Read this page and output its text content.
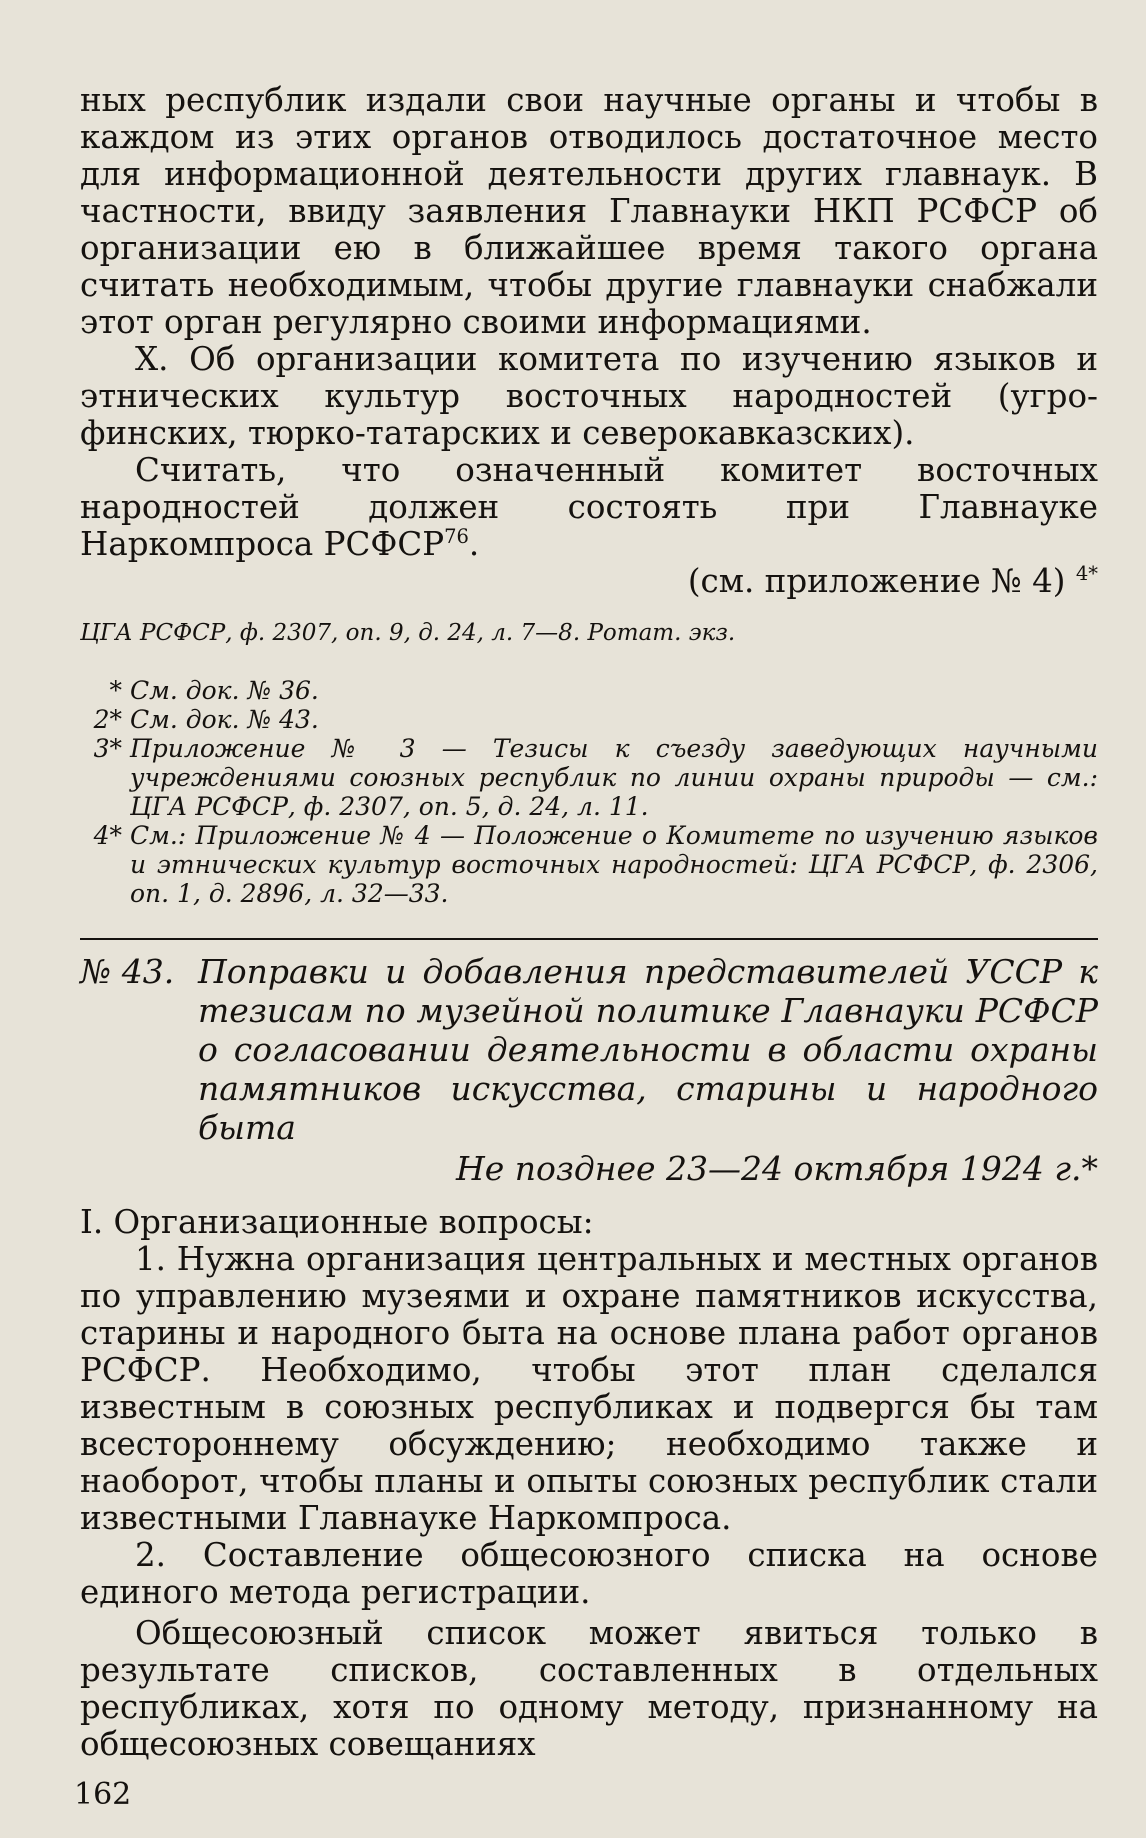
ных республик издали свои научные органы и чтобы в каждом из этих органов отводилось достаточное место для информационной деятельности других главнаук. В частности, ввиду заявления Главнауки НКП РСФСР об организации ею в ближайшее время такого органа считать необходимым, чтобы другие главнауки снабжали этот орган регулярно своими информациями.

X. Об организации комитета по изучению языков и этнических культур восточных народностей (угро-финских, тюрко-татарских и северокавказских).

Считать, что означенный комитет восточных народностей должен состоять при Главнауке Наркомпроса РСФСР$^{76}$.

(см. приложение № 4) $^{4*}$

ЦГА РСФСР, ф. 2307, оп. 9, д. 24, л. 7—8. Ротат. экз.
* См. док. № 36.
2* См. док. № 43.
3* Приложение № 3 — Тезисы к съезду заведующих научными учреждениями союзных республик по линии охраны природы — см.: ЦГА РСФСР, ф. 2307, оп. 5, д. 24, л. 11.
4* См.: Приложение № 4 — Положение о Комитете по изучению языков и этнических культур восточных народностей: ЦГА РСФСР, ф. 2306, оп. 1, д. 2896, л. 32—33.
№ 43. Поправки и добавления представителей УССР к тезисам по музейной политике Главнауки РСФСР о согласовании деятельности в области охраны памятников искусства, старины и народного быта
Не позднее 23—24 октября 1924 г.*

I. Организационные вопросы:

1. Нужна организация центральных и местных органов по управлению музеями и охране памятников искусства, старины и народного быта на основе плана работ органов РСФСР. Необходимо, чтобы этот план сделался известным в союзных республиках и подвергся бы там всестороннему обсуждению; необходимо также и наоборот, чтобы планы и опыты союзных республик стали известными Главнауке Наркомпроса.

2. Составление общесоюзного списка на основе единого метода регистрации.

Общесоюзный список может явиться только в результате списков, составленных в отдельных республиках, хотя по одному методу, признанному на общесоюзных совещаниях

162
